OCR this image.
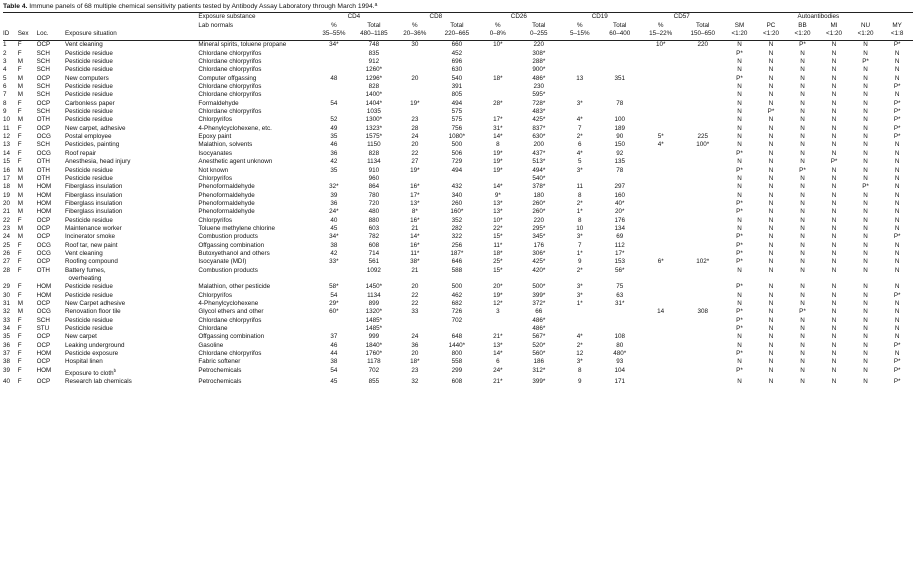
Table 4. Immune panels of 68 multiple chemical sensitivity patients tested by Antibody Assay Laboratory through March 1994.$^a$
				Exposure substance	CD4		CD8		CD26		CD19		CD57		Autoantibodies					
				Lab normals	%	Total	%	Total	%	Total	%	Total	%	Total	SM	PC	BB	MI	NU	MY
ID	Sex	Loc.	Exposure situation		35–55%	480–1185	20–36%	220–665	0–8%	0–255	5–15%	60–400	15–22%	150–650	<1:20	<1:20	<1:20	<1:20	<1:20	<1:8
1	F	OCP	Vent cleaning	Mineral spirits, toluene propane	34*	748	30	660	10*	220			10*	220	N	N	P*	N	N	P*
2	F	SCH	Pesticide residue	Chlordane chlorpyrifos		835		452		308*					P*	N	N	N	N	N
3	M	SCH	Pesticide residue	Chlordane chlorpyrifos		912		696		288*					N	N	N	N	P*	N
4	F	SCH	Pesticide residue	Chlordane chlorpyrifos		1260*		630		900*					N	N	N	N	N	N
5	M	OCP	New computers	Computer offgassing	48	1296*	20	540	18*	486*	13	351			P*	N	N	N	N	N
6	M	SCH	Pesticide residue	Chlordane chlorpyrifos		828		391		230					N	N	N	N	N	P*
7	M	SCH	Pesticide residue	Chlordane chlorpyrifos		1400*		805		595*					N	N	N	N	N	N
8	F	OCP	Carbonless paper	Formaldehyde	54	1404*	19*	494	28*	728*	3*	78			N	N	N	N	N	P*
9	F	SCH	Pesticide residue	Chlordane chlorpyrifos		1035		575		483*					N	P*	N	N	N	P*
10	M	OTH	Pesticide residue	Chlorpyrifos	52	1300*	23	575	17*	425*	4*	100			N	N	N	N	N	P*
11	F	OCP	New carpet, adhesive	4-Phenylcyclohexene, etc.	49	1323*	28	756	31*	837*	7	189			N	N	N	N	N	P*
12	F	OCG	Postal employee	Epoxy paint	35	1575*	24	1080*	14*	630*	2*	90	5*	225	N	N	N	N	N	P*
13	F	SCH	Pesticides, painting	Malathion, solvents	46	1150	20	500	8	200	6	150	4*	100*	N	N	N	N	N	N
14	F	OCG	Roof repair	Isocyanates	36	828	22	506	19*	437*	4*	92			P*	N	N	N	N	N
15	F	OTH	Anesthesia, head injury	Anesthetic agent unknown	42	1134	27	729	19*	513*	5	135			N	N	N	P*	N	N
16	M	OTH	Pesticide residue	Not known	35	910	19*	494	19*	494*	3*	78			P*	N	P*	N	N	N
17	M	OTH	Pesticide residue	Chlorpyrifos		960				540*					N	N	N	N	N	N
18	M	HOM	Fiberglass insulation	Phenoformaldehyde	32*	864	16*	432	14*	378*	11	297			N	N	N	N	P*	N
19	M	HOM	Fiberglass insulation	Phenoformaldehyde	39	780	17*	340	9*	180	8	160			N	N	N	N	N	N
20	M	HOM	Fiberglass insulation	Phenoformaldehyde	36	720	13*	260	13*	260*	2*	40*			P*	N	N	N	N	N
21	M	HOM	Fiberglass insulation	Phenoformaldehyde	24*	480	8*	160*	13*	260*	1*	20*			P*	N	N	N	N	N
22	F	OCP	Pesticide residue	Chlorpyrifos	40	880	16*	352	10*	220	8	176			N	N	N	N	N	N
23	M	OCP	Maintenance worker	Toluene methylene chlorine	45	603	21	282	22*	295*	10	134			N	N	N	N	N	N
24	M	OCP	Incinerator smoke	Combustion products	34*	782	14*	322	15*	345*	3*	69			P*	N	N	N	N	P*
25	F	OCG	Roof tar, new paint	Offgassing combination	38	608	16*	256	11*	176	7	112			P*	N	N	N	N	N
26	F	OCG	Vent cleaning	Butoxyethanol and others	42	714	11*	187*	18*	306*	1*	17*			P*	N	N	N	N	N
27	F	OCP	Roofing compound	Isocyanate (MDI)	33*	561	38*	646	25*	425*	9	153	6*	102*	P*	N	N	N	N	N
28	F	OTH	Battery fumes,
overheating	Combustion products		1092	21	588	15*	420*	2*	56*			N	N	N	N	N	N
29	F	HOM	Pesticide residue	Malathion, other pesticide	58*	1450*	20	500	20*	500*	3*	75			P*	N	N	N	N	N
30	F	HOM	Pesticide residue	Chlorpyrifos	54	1134	22	462	19*	399*	3*	63			N	N	N	N	N	P*
31	M	OCP	New Carpet adhesive	4-Phenylcyclohexene	29*	899	22	682	12*	372*	1*	31*			N	N	N	N	N	N
32	M	OCG	Renovation floor tile	Glycol ethers and other	60*	1320*	33	726	3	66			14	308	P*	N	P*	N	N	N
33	F	SCH	Pesticide residue	Chlordane chlorpyrifos		1485*		702		486*					P*	N	N	N	N	N
34	F	STU	Pesticide residue	Chlordane		1485*				486*					P*	N	N	N	N	N
35	F	OCP	New carpet	Offgassing combination	37	999	24	648	21*	567*	4*	108			N	N	N	N	N	N
36	F	OCP	Leaking underground	Gasoline	46	1840*	36	1440*	13*	520*	2*	80			N	N	N	N	N	P*
37	F	HOM	Pesticide exposure	Chlordane chlorpyrifos	44	1760*	20	800	14*	560*	12	480*			P*	N	N	N	N	N
38	F	OCP	Hospital linen	Fabric softener	38	1178	18*	558	6	186	3*	93			N	N	N	N	N	P*
39	F	HOM	Exposure to cloth$^b$	Petrochemicals	54	702	23	299	24*	312*	8	104			P*	N	N	N	N	P*
40	F	OCP	Research lab chemicals	Petrochemicals	45	855	32	608	21*	399*	9	171			N	N	N	N	N	P*
